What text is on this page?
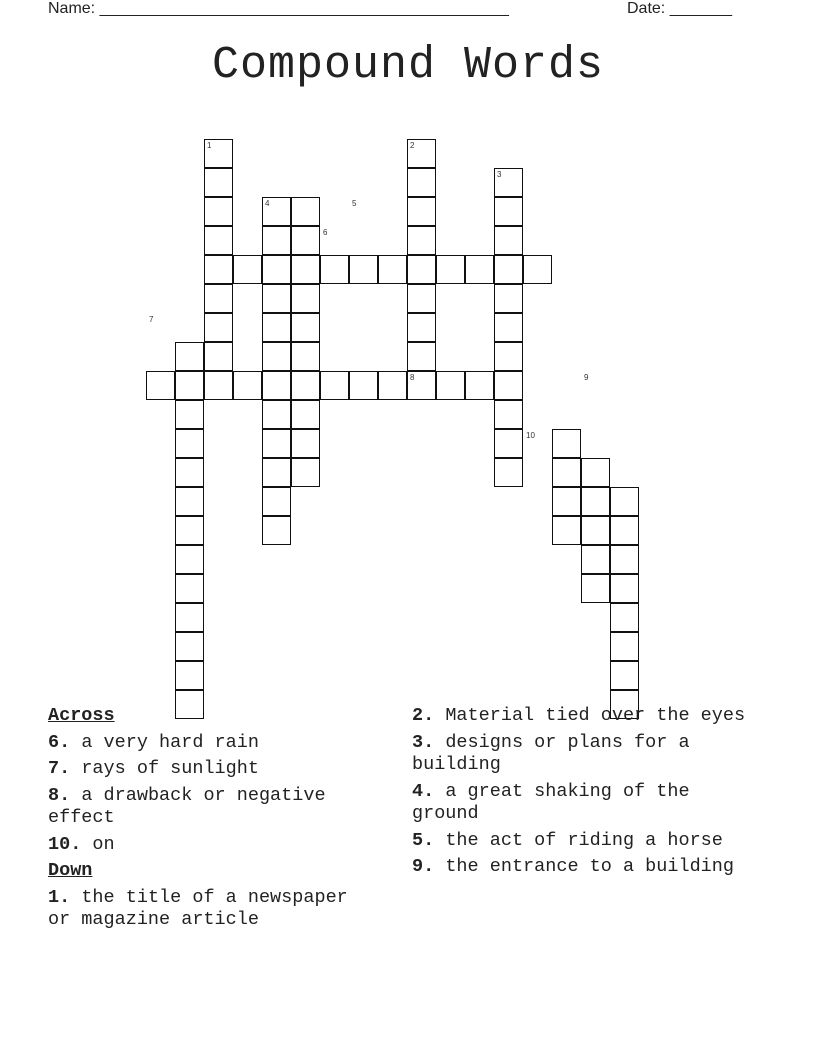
Name: ______________________________________________	Date: _______
Compound Words
1	2
3
4	5
6
7
8	9
10
Across
6. a very hard rain
7. rays of sunlight
8. a drawback or negative effect
10. on
Down
1. the title of a newspaper or magazine article
2. Material tied over the eyes
3. designs or plans for a building
4. a great shaking of the ground
5. the act of riding a horse
9. the entrance to a building
